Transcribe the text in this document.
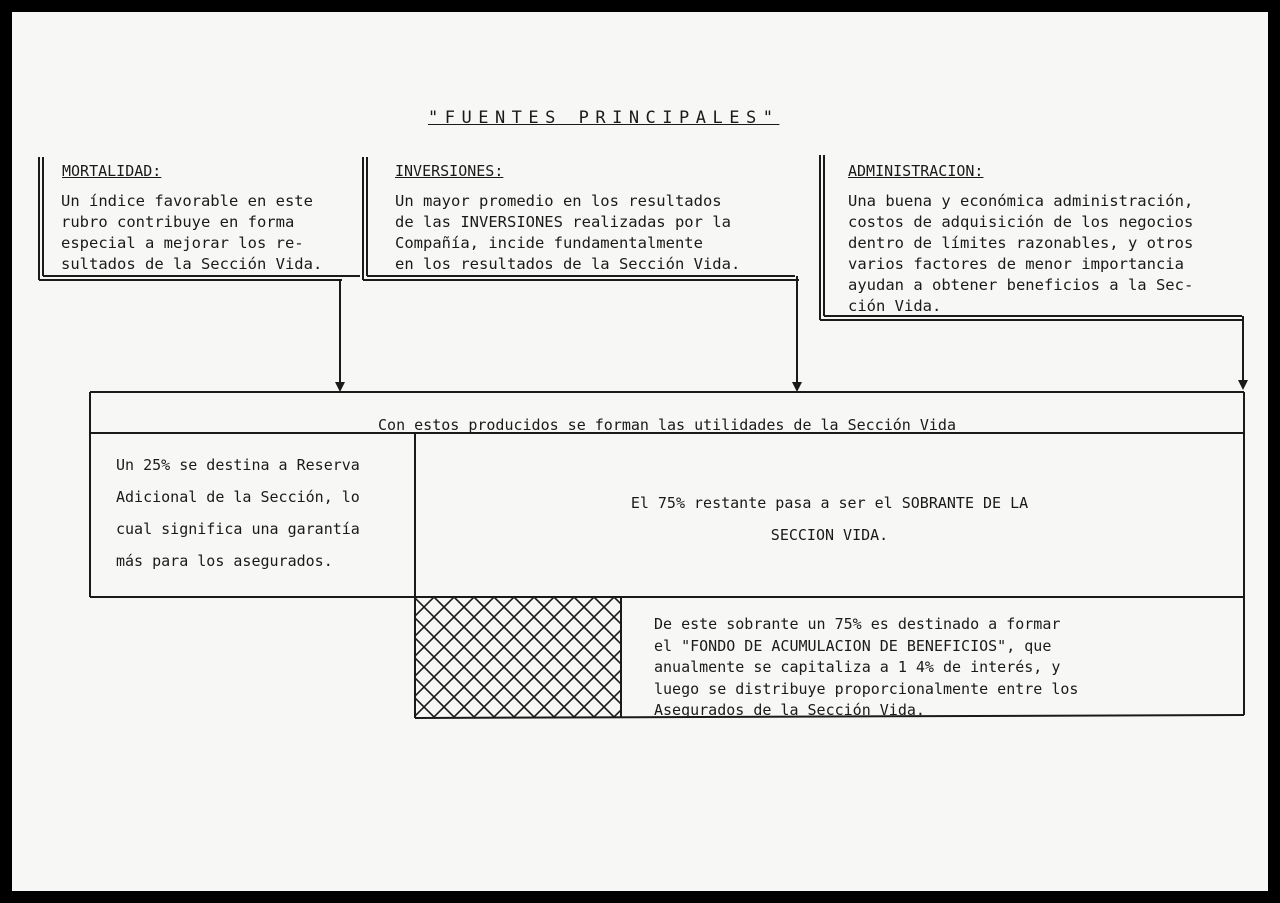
"FUENTES PRINCIPALES"
MORTALIDAD:
Un índice favorable en este
rubro contribuye en forma
especial a mejorar los re-
sultados de la Sección Vida.
INVERSIONES:
Un mayor promedio en los resultados
de las INVERSIONES realizadas por la
Compañía, incide fundamentalmente
en los resultados de la Sección Vida.
ADMINISTRACION:
Una buena y económica administración,
costos de adquisición de los negocios
dentro de límites razonables, y otros
varios factores de menor importancia
ayudan a obtener beneficios a la Sec-
ción Vida.
Con estos producidos se forman las utilidades de la Sección Vida
Un 25% se destina a Reserva
Adicional de la Sección, lo
cual significa una garantía
más para los asegurados.
El 75% restante pasa a ser el SOBRANTE DE LA
SECCION VIDA.
De este sobrante un 75% es destinado a formar
el "FONDO DE ACUMULACION DE BENEFICIOS", que
anualmente se capitaliza a 1 4% de interés, y
luego se distribuye proporcionalmente entre los
Asegurados de la Sección Vida.
